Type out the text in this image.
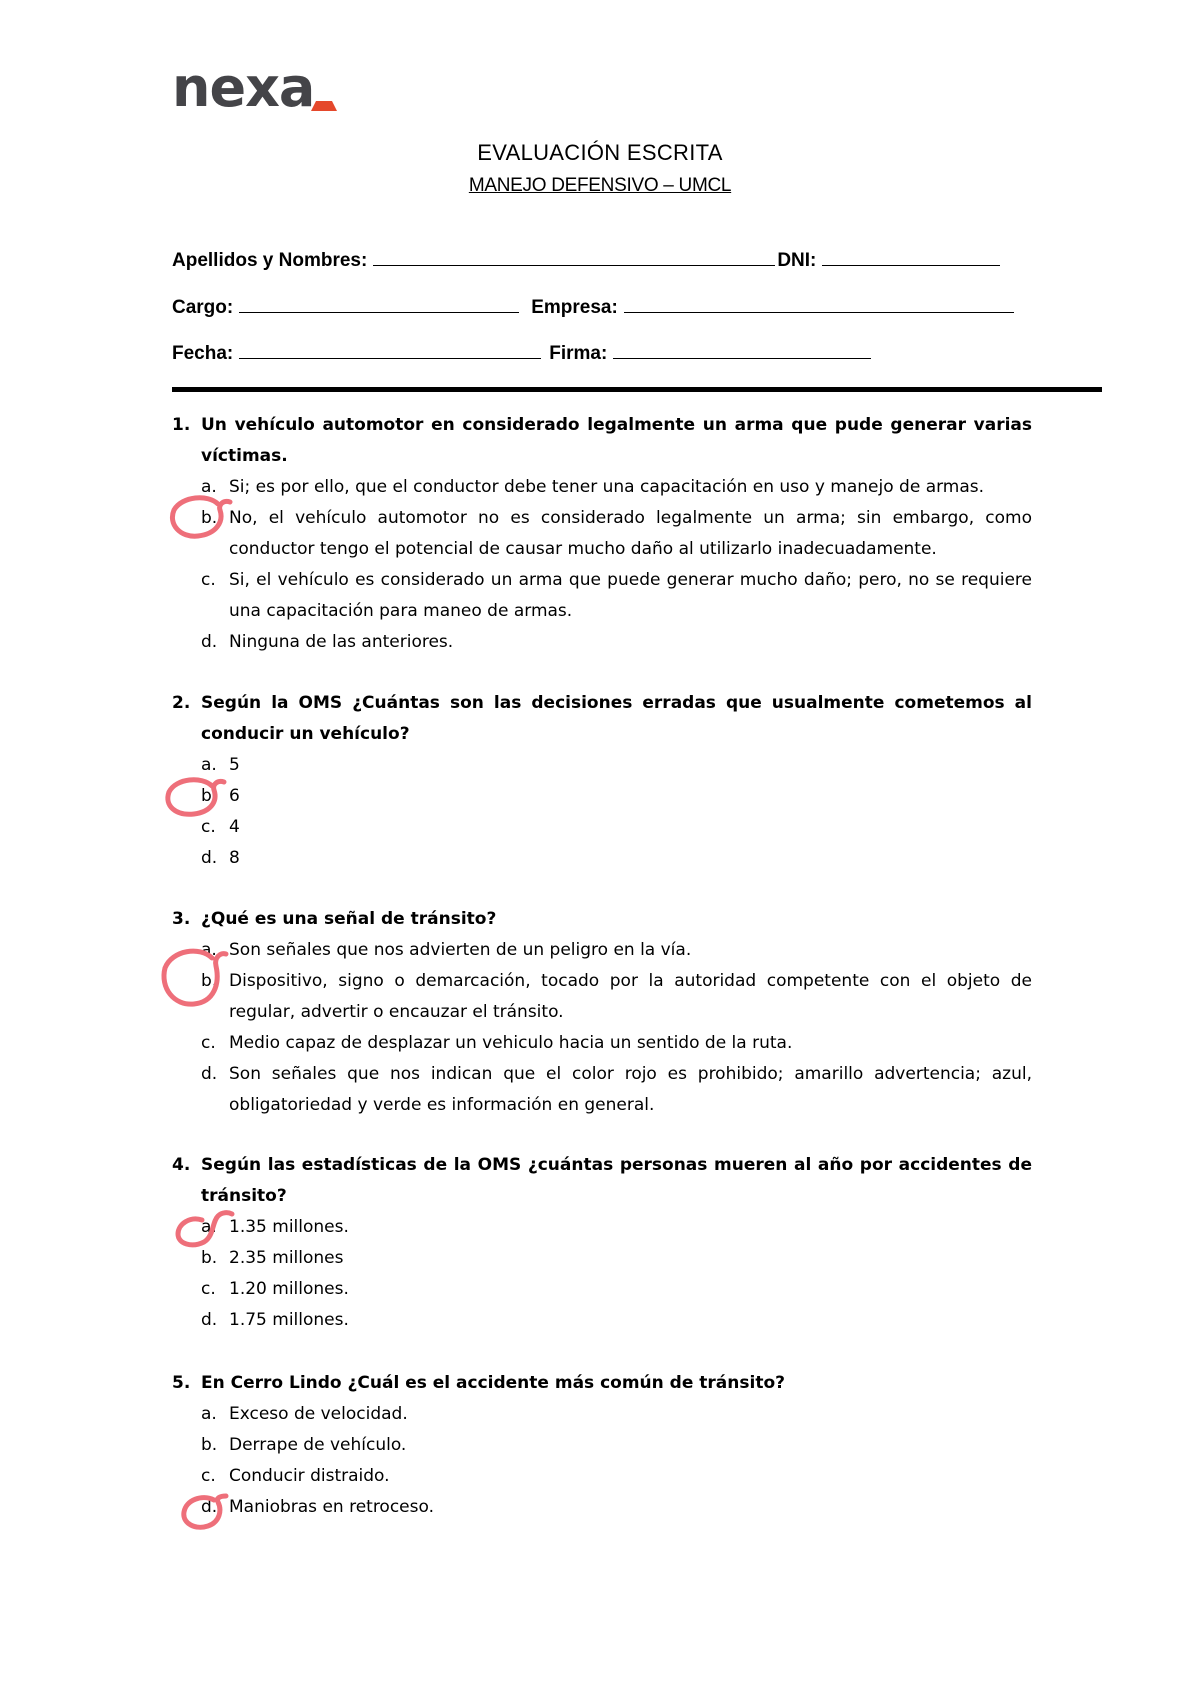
nexa
EVALUACIÓN ESCRITA
MANEJO DEFENSIVO – UMCL
Apellidos y Nombres:	DNI:
Cargo:	Empresa:
Fecha:	Firma:
1. Un vehículo automotor en considerado legalmente un arma que pude generar varias víctimas.
a. Si; es por ello, que el conductor debe tener una capacitación en uso y manejo de armas.
b. No, el vehículo automotor no es considerado legalmente un arma; sin embargo, como conductor tengo el potencial de causar mucho daño al utilizarlo inadecuadamente.
c. Si, el vehículo es considerado un arma que puede generar mucho daño; pero, no se requiere una capacitación para maneo de armas.
d. Ninguna de las anteriores.
2. Según la OMS ¿Cuántas son las decisiones erradas que usualmente cometemos al conducir un vehículo?
a. 5
b. 6
c. 4
d. 8
3. ¿Qué es una señal de tránsito?
a. Son señales que nos advierten de un peligro en la vía.
b. Dispositivo, signo o demarcación, tocado por la autoridad competente con el objeto de regular, advertir o encauzar el tránsito.
c. Medio capaz de desplazar un vehiculo hacia un sentido de la ruta.
d. Son señales que nos indican que el color rojo es prohibido; amarillo advertencia; azul, obligatoriedad y verde es información en general.
4. Según las estadísticas de la OMS ¿cuántas personas mueren al año por accidentes de tránsito?
a. 1.35 millones.
b. 2.35 millones
c. 1.20 millones.
d. 1.75 millones.
5. En Cerro Lindo ¿Cuál es el accidente más común de tránsito?
a. Exceso de velocidad.
b. Derrape de vehículo.
c. Conducir distraido.
d. Maniobras en retroceso.
